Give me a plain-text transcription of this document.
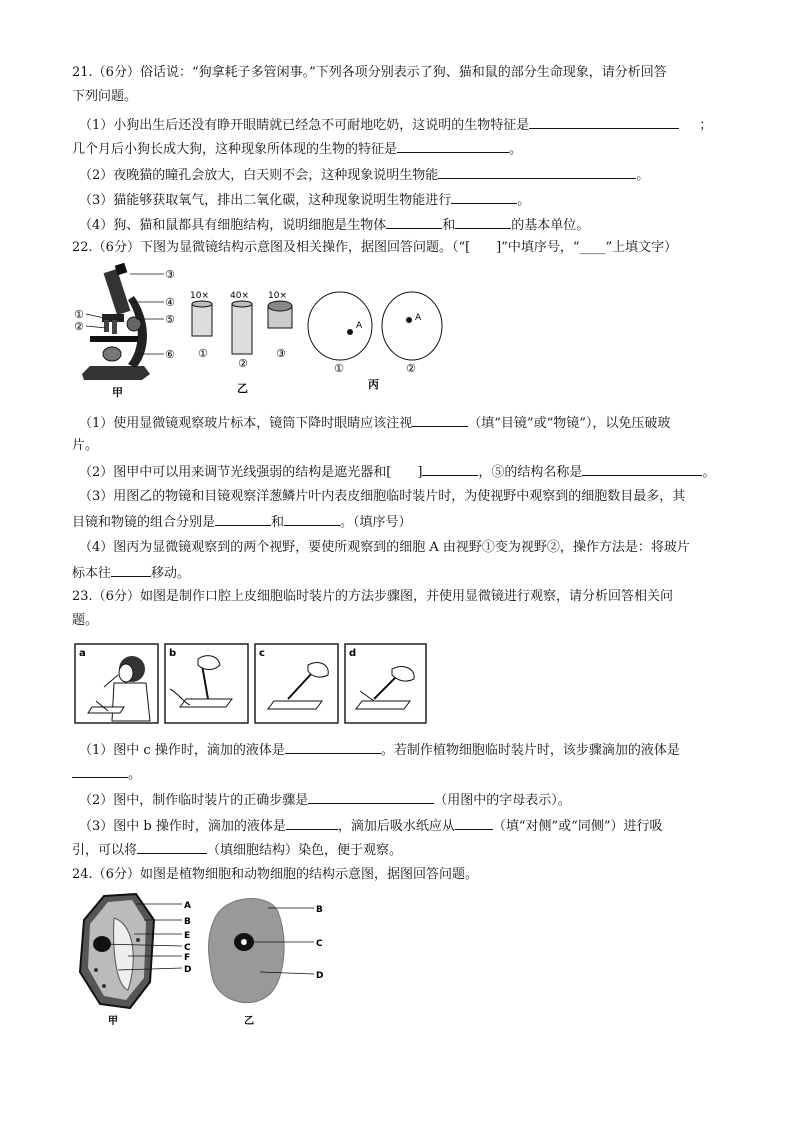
21.（6分）俗话说：“狗拿耗子多管闲事。”下列各项分别表示了狗、猫和鼠的部分生命现象，请分析回答
下列问题。
（1）小狗出生后还没有睁开眼睛就已经急不可耐地吃奶，这说明的生物特征是	；
几个月后小狗长成大狗，这种现象所体现的生物的特征是	。
（2）夜晚猫的瞳孔会放大，白天则不会，这种现象说明生物能	。
（3）猫能够获取氧气，排出二氧化碳，这种现象说明生物能进行	。
（4）狗、猫和鼠都具有细胞结构，说明细胞是生物体	和	的基本单位。
22.（6分）下图为显微镜结构示意图及相关操作，据图回答问题。（“[　　]”中填序号，“____”上填文字）
③
④
⑤
⑥
①
②
甲
10×
①
40×
②
10×
③
乙
A
①
A
②
丙
（1）使用显微镜观察玻片标本，镜筒下降时眼睛应该注视	（填“目镜”或“物镜”），以免压破玻
片。
（2）图甲中可以用来调节光线强弱的结构是遮光器和[　　]	，⑤的结构名称是	。
（3）用图乙的物镜和目镜观察洋葱鳞片叶内表皮细胞临时装片时，为使视野中观察到的细胞数目最多，其
目镜和物镜的组合分别是	和	。（填序号）
（4）图丙为显微镜观察到的两个视野，要使所观察到的细胞 A 由视野①变为视野②，操作方法是：将玻片
标本往	移动。
23.（6分）如图是制作口腔上皮细胞临时装片的方法步骤图，并使用显微镜进行观察，请分析回答相关问
题。
a	b	c	d
（1）图中 c 操作时，滴加的液体是	。若制作植物细胞临时装片时，该步骤滴加的液体是
。
（2）图中，制作临时装片的正确步骤是	（用图中的字母表示）。
（3）图中 b 操作时，滴加的液体是	，滴加后吸水纸应从	（填“对侧”或“同侧”）进行吸
引，可以将	（填细胞结构）染色，便于观察。
24.（6分）如图是植物细胞和动物细胞的结构示意图，据图回答问题。
A
B
E
C
F
D
甲
B
C
D
乙
